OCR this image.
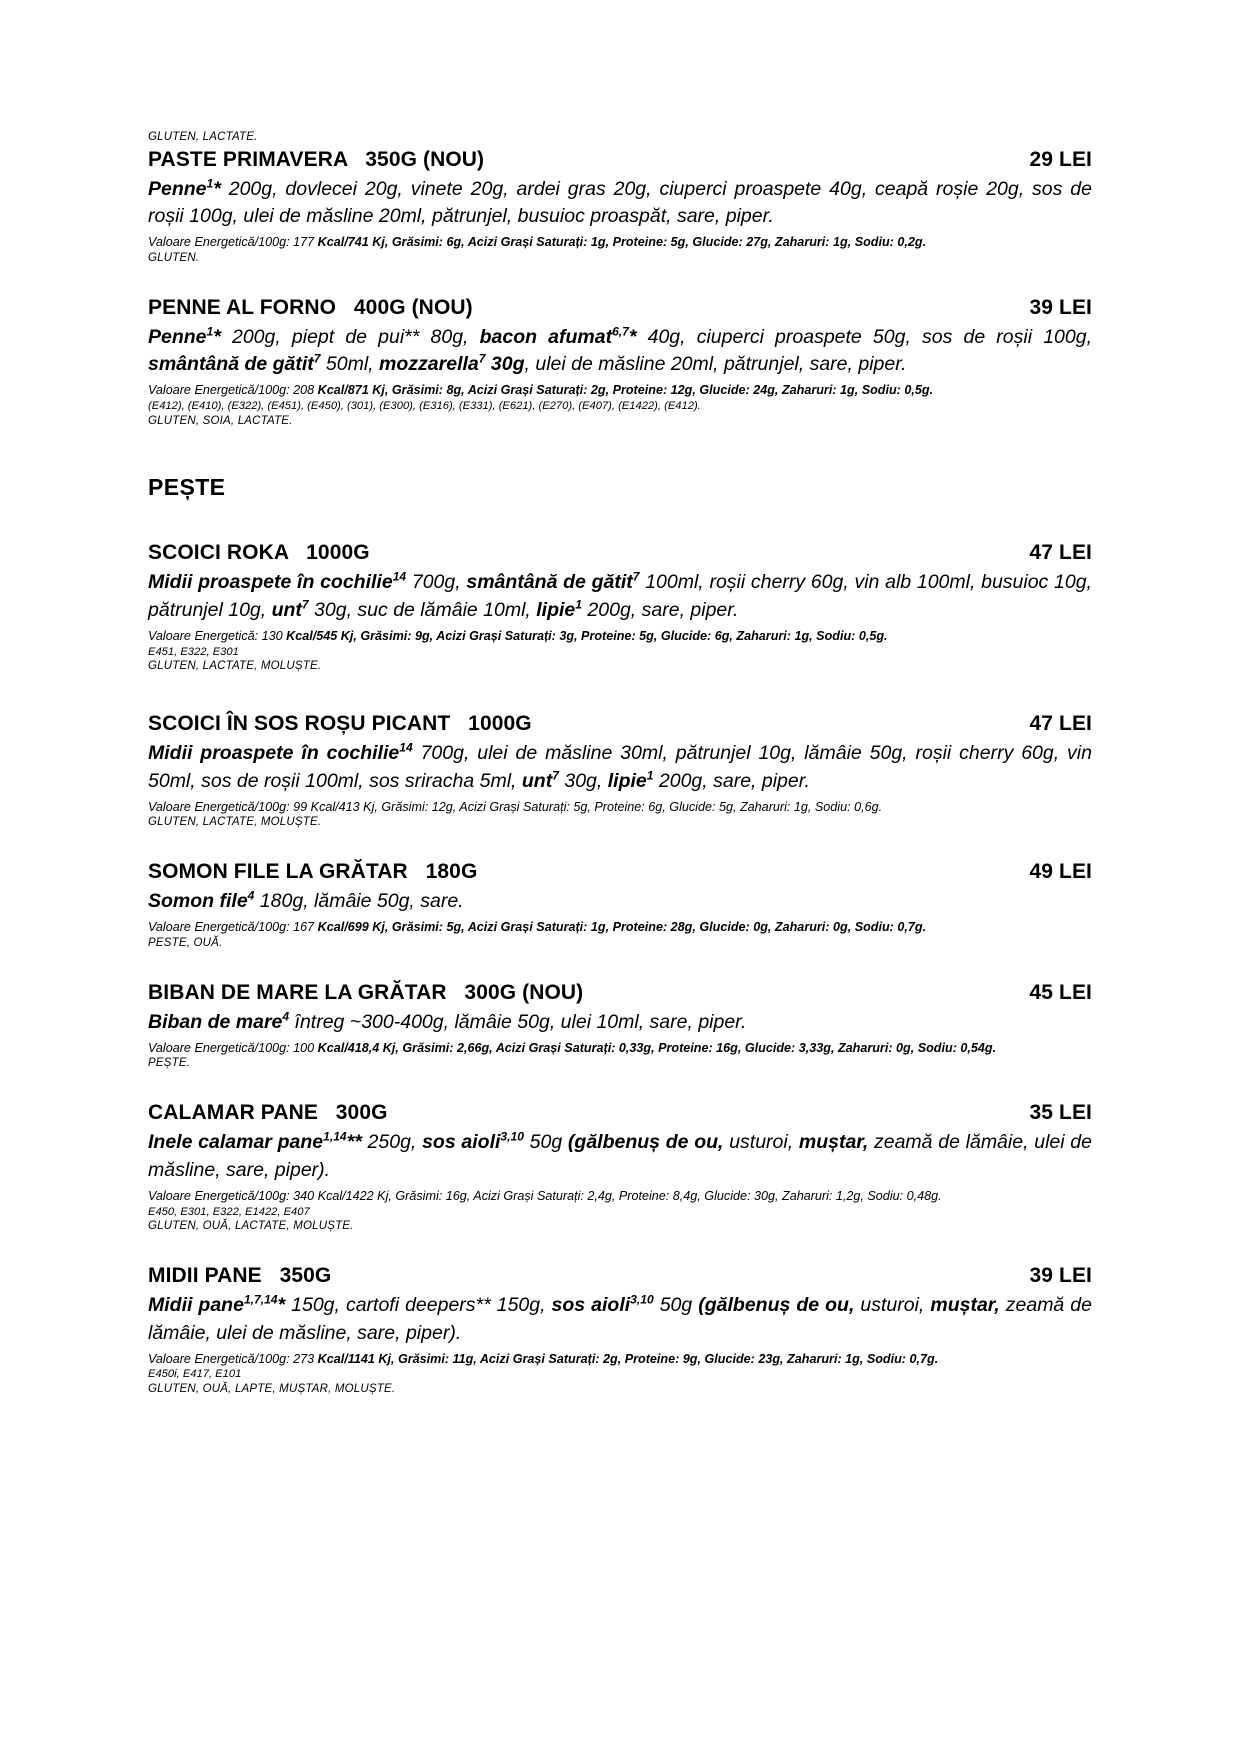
GLUTEN, LACTATE.
PASTE PRIMAVERA   350G (NOU)	29 LEI
Penne$^1$* 200g, dovlecei 20g, vinete 20g, ardei gras 20g, ciuperci proaspete 40g, ceapă roșie 20g, sos de roșii 100g, ulei de măsline 20ml, pătrunjel, busuioc proaspăt, sare, piper.
Valoare Energetică/100g: 177 Kcal/741 Kj, Grăsimi: 6g, Acizi Grași Saturați: 1g, Proteine: 5g, Glucide: 27g, Zaharuri: 1g, Sodiu: 0,2g.
GLUTEN.
PENNE AL FORNO   400G (NOU)	39 LEI
Penne$^1$* 200g, piept de pui** 80g, bacon afumat$^{6,7}$* 40g, ciuperci proaspete 50g, sos de roșii 100g, smântână de gătit$^7$ 50ml, mozzarella$^7$ 30g, ulei de măsline 20ml, pătrunjel, sare, piper.
Valoare Energetică/100g: 208 Kcal/871 Kj, Grăsimi: 8g, Acizi Grași Saturați: 2g, Proteine: 12g, Glucide: 24g, Zaharuri: 1g, Sodiu: 0,5g.
(E412), (E410), (E322), (E451), (E450), (301), (E300), (E316), (E331), (E621), (E270), (E407), (E1422), (E412).
GLUTEN, SOIA, LACTATE.
PEȘTE
SCOICI ROKA   1000G	47 LEI
Midii proaspete în cochilie$^{14}$ 700g, smântână de gătit$^7$ 100ml, roșii cherry 60g, vin alb 100ml, busuioc 10g, pătrunjel 10g, unt$^7$ 30g, suc de lămâie 10ml, lipie$^1$ 200g, sare, piper.
Valoare Energetică: 130 Kcal/545 Kj, Grăsimi: 9g, Acizi Grași Saturați: 3g, Proteine: 5g, Glucide: 6g, Zaharuri: 1g, Sodiu: 0,5g.
E451, E322, E301
GLUTEN, LACTATE, MOLUȘTE.
SCOICI ÎN SOS ROȘU PICANT   1000G	47 LEI
Midii proaspete în cochilie$^{14}$ 700g, ulei de măsline 30ml, pătrunjel 10g, lămâie 50g, roșii cherry 60g, vin 50ml, sos de roșii 100ml, sos sriracha 5ml, unt$^7$ 30g, lipie$^1$ 200g, sare, piper.
Valoare Energetică/100g: 99 Kcal/413 Kj, Grăsimi: 12g, Acizi Grași Saturați: 5g, Proteine: 6g, Glucide: 5g, Zaharuri: 1g, Sodiu: 0,6g.
GLUTEN, LACTATE, MOLUȘTE.
SOMON FILE LA GRĂTAR   180G	49 LEI
Somon file$^4$ 180g, lămâie 50g, sare.
Valoare Energetică/100g: 167 Kcal/699 Kj, Grăsimi: 5g, Acizi Grași Saturați: 1g, Proteine: 28g, Glucide: 0g, Zaharuri: 0g, Sodiu: 0,7g.
PESTE, OUĂ.
BIBAN DE MARE LA GRĂTAR   300G (NOU)	45 LEI
Biban de mare$^4$ întreg ~300-400g, lămâie 50g, ulei 10ml, sare, piper.
Valoare Energetică/100g: 100 Kcal/418,4 Kj, Grăsimi: 2,66g, Acizi Grași Saturați: 0,33g, Proteine: 16g, Glucide: 3,33g, Zaharuri: 0g, Sodiu: 0,54g.
PEȘTE.
CALAMAR PANE   300G	35 LEI
Inele calamar pane$^{1,14}$** 250g, sos aioli$^{3,10}$ 50g (gălbenuș de ou, usturoi, muștar, zeamă de lămâie, ulei de măsline, sare, piper).
Valoare Energetică/100g: 340 Kcal/1422 Kj, Grăsimi: 16g, Acizi Grași Saturați: 2,4g, Proteine: 8,4g, Glucide: 30g, Zaharuri: 1,2g, Sodiu: 0,48g.
E450, E301, E322, E1422, E407
GLUTEN, OUĂ, LACTATE, MOLUȘTE.
MIDII PANE   350G	39 LEI
Midii pane$^{1,7,14}$* 150g, cartofi deepers** 150g, sos aioli$^{3,10}$ 50g (gălbenuș de ou, usturoi, muștar, zeamă de lămâie, ulei de măsline, sare, piper).
Valoare Energetică/100g: 273 Kcal/1141 Kj, Grăsimi: 11g, Acizi Grași Saturați: 2g, Proteine: 9g, Glucide: 23g, Zaharuri: 1g, Sodiu: 0,7g.
E450i, E417, E101
GLUTEN, OUĂ, LAPTE, MUȘTAR, MOLUȘTE.
